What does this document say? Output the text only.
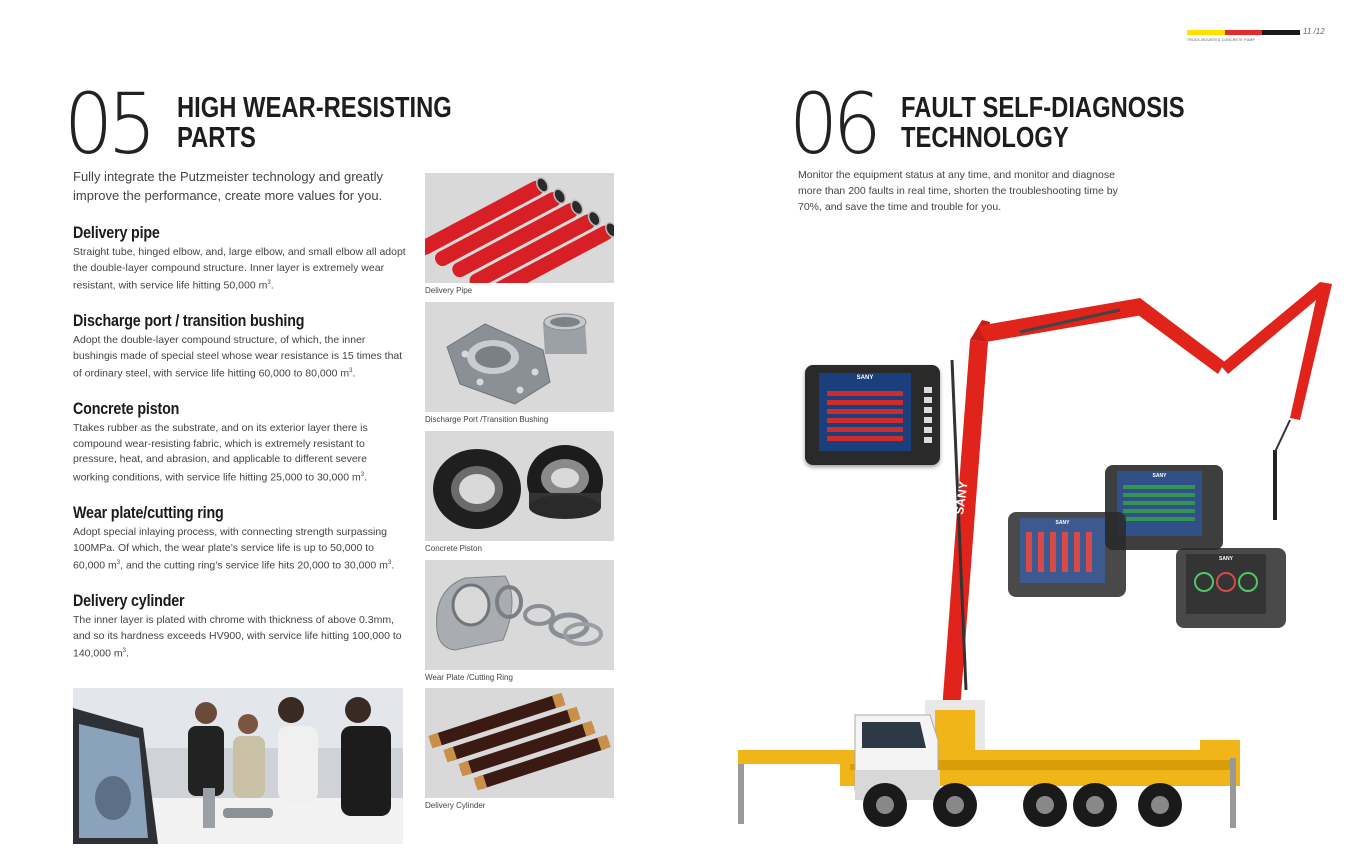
11 /12
TRUCK-MOUNTED CONCRETE PUMP
05 HIGH WEAR-RESISTING
PARTS
Fully integrate the Putzmeister technology and greatly improve the performance, create more values for you.
Delivery pipe
Straight tube, hinged elbow, and, large elbow, and small elbow all adopt the double-layer compound structure. Inner layer is extremely wear resistant, with service life hitting 50,000 $m^3$.
Discharge port / transition bushing
Adopt the double-layer compound structure, of which, the inner bushingis made of special steel whose wear resistance is 15 times that of ordinary steel, with service life hitting 60,000 to 80,000 $m^3$.
Concrete piston
Ttakes rubber as the substrate, and on its exterior layer there is compound wear-resisting fabric, which is extremely resistant to pressure, heat, and abrasion, and applicable to different severe working conditions, with service life hitting 25,000 to 30,000 $m^3$.
Wear plate/cutting ring
Adopt special inlaying process, with connecting strength surpassing 100MPa. Of which, the wear plate’s service life is up to 50,000 to 60,000 $m^3$, and the cutting ring’s service life hits 20,000 to 30,000 $m^3$.
Delivery cylinder
The inner layer is plated with chrome with thickness of above 0.3mm, and so its hardness exceeds HV900, with service life hitting 100,000 to 140,000 $m^3$.
Delivery Pipe
Discharge Port /Transition Bushing
Concrete Piston
Wear Plate /Cutting Ring
Delivery Cylinder
06 FAULT SELF-DIAGNOSIS
TECHNOLOGY
Monitor the equipment status at any time, and monitor and diagnose more than 200 faults in real time, shorten the troubleshooting time by 70%, and save the time and trouble for you.
SANY
SANY
SANY
SANY
SANY
